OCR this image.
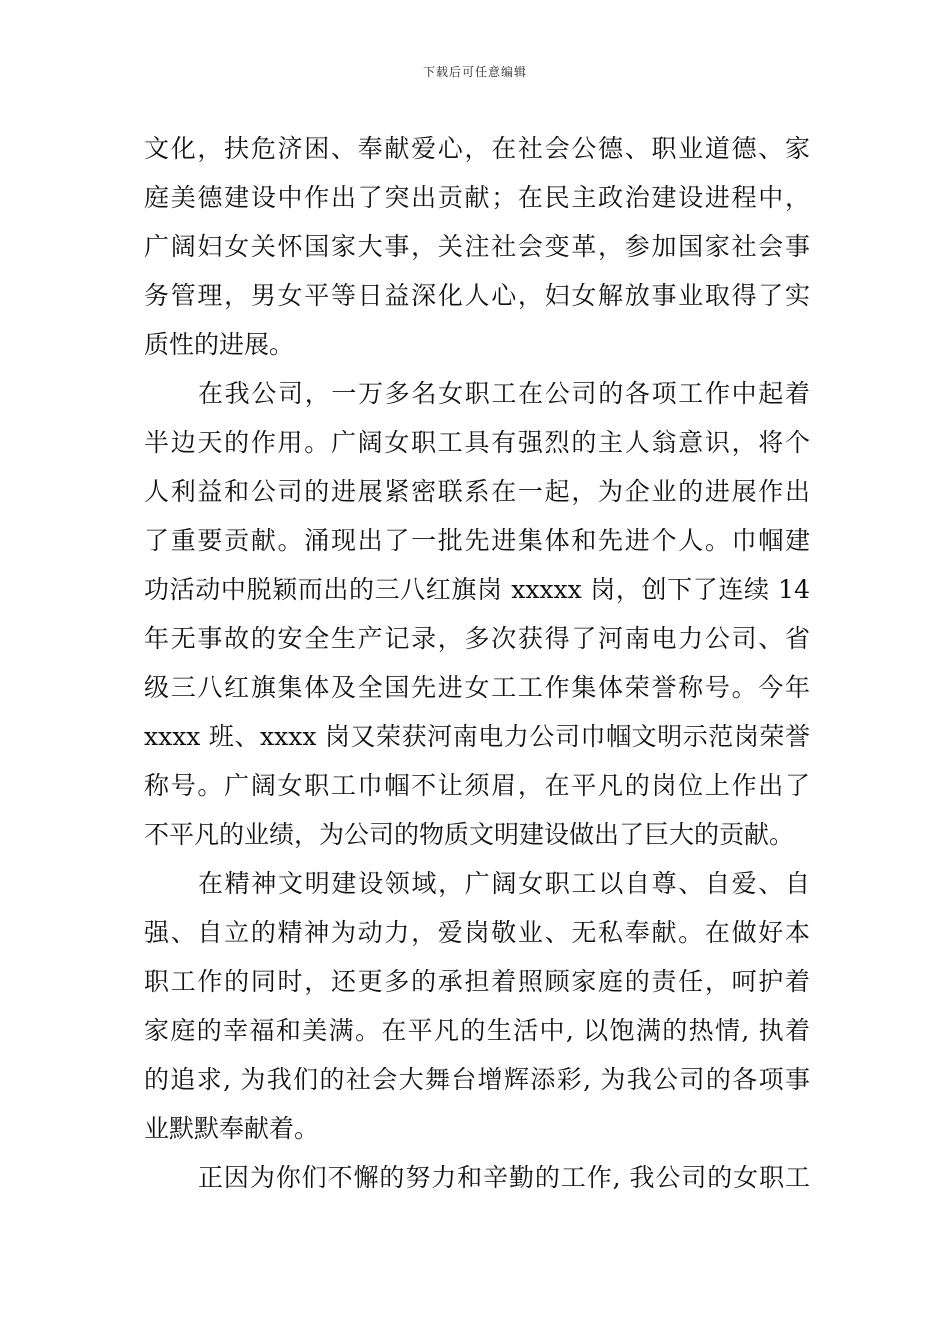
下载后可任意编辑
文化，扶危济困、奉献爱心，在社会公德、职业道德、家
庭美德建设中作出了突出贡献；在民主政治建设进程中，
广阔妇女关怀国家大事，关注社会变革，参加国家社会事
务管理，男女平等日益深化人心，妇女解放事业取得了实
质性的进展。
在我公司，一万多名女职工在公司的各项工作中起着
半边天的作用。广阔女职工具有强烈的主人翁意识，将个
人利益和公司的进展紧密联系在一起，为企业的进展作出
了重要贡献。涌现出了一批先进集体和先进个人。巾帼建
功活动中脱颖而出的三八红旗岗 xxxxx 岗，创下了连续 14
年无事故的安全生产记录，多次获得了河南电力公司、省
级三八红旗集体及全国先进女工工作集体荣誉称号。今年
xxxx 班、xxxx 岗又荣获河南电力公司巾帼文明示范岗荣誉
称号。广阔女职工巾帼不让须眉，在平凡的岗位上作出了
不平凡的业绩，为公司的物质文明建设做出了巨大的贡献。
在精神文明建设领域，广阔女职工以自尊、自爱、自
强、自立的精神为动力，爱岗敬业、无私奉献。在做好本
职工作的同时，还更多的承担着照顾家庭的责任，呵护着
家庭的幸福和美满。在平凡的生活中, 以饱满的热情, 执着
的追求, 为我们的社会大舞台增辉添彩, 为我公司的各项事
业默默奉献着。
正因为你们不懈的努力和辛勤的工作, 我公司的女职工
